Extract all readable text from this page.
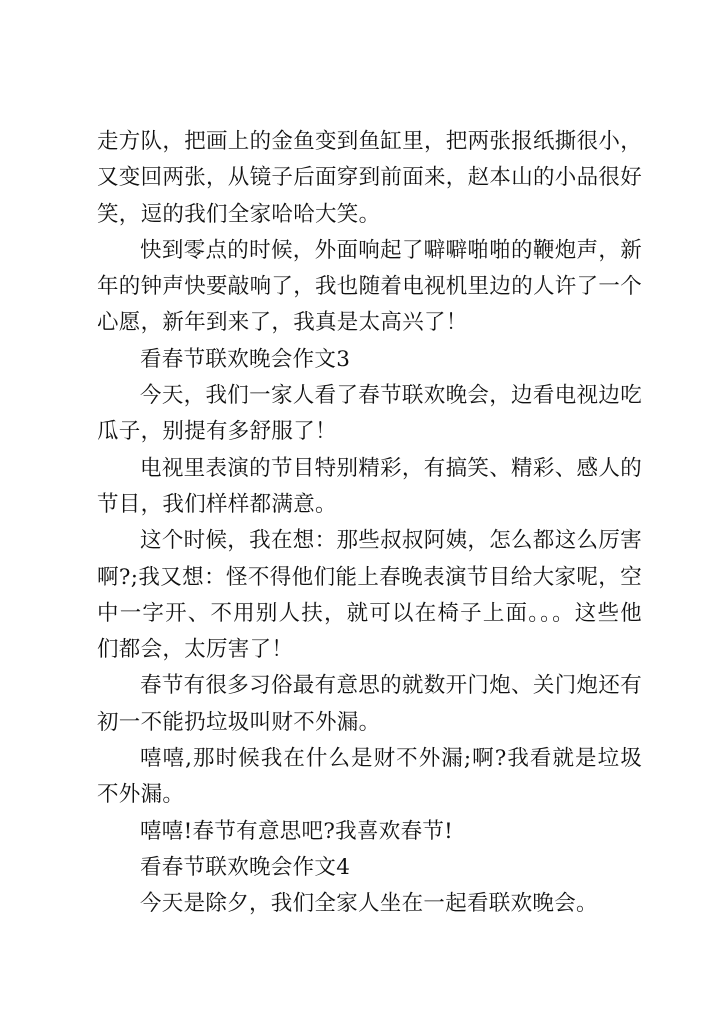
走方队，把画上的金鱼变到鱼缸里，把两张报纸撕很小，又变回两张，从镜子后面穿到前面来，赵本山的小品很好笑，逗的我们全家哈哈大笑。

快到零点的时候，外面响起了噼噼啪啪的鞭炮声，新年的钟声快要敲响了，我也随着电视机里边的人许了一个心愿，新年到来了，我真是太高兴了！

看春节联欢晚会作文3

今天，我们一家人看了春节联欢晚会，边看电视边吃瓜子，别提有多舒服了！

电视里表演的节目特别精彩，有搞笑、精彩、感人的节目，我们样样都满意。

这个时候，我在想：那些叔叔阿姨，怎么都这么厉害啊?;我又想：怪不得他们能上春晚表演节目给大家呢，空中一字开、不用别人扶，就可以在椅子上面。。。这些他们都会，太厉害了！

春节有很多习俗最有意思的就数开门炮、关门炮还有初一不能扔垃圾叫财不外漏。

嘻嘻,那时候我在什么是财不外漏;啊?我看就是垃圾不外漏。

嘻嘻!春节有意思吧?我喜欢春节!

看春节联欢晚会作文4

今天是除夕，我们全家人坐在一起看联欢晚会。
